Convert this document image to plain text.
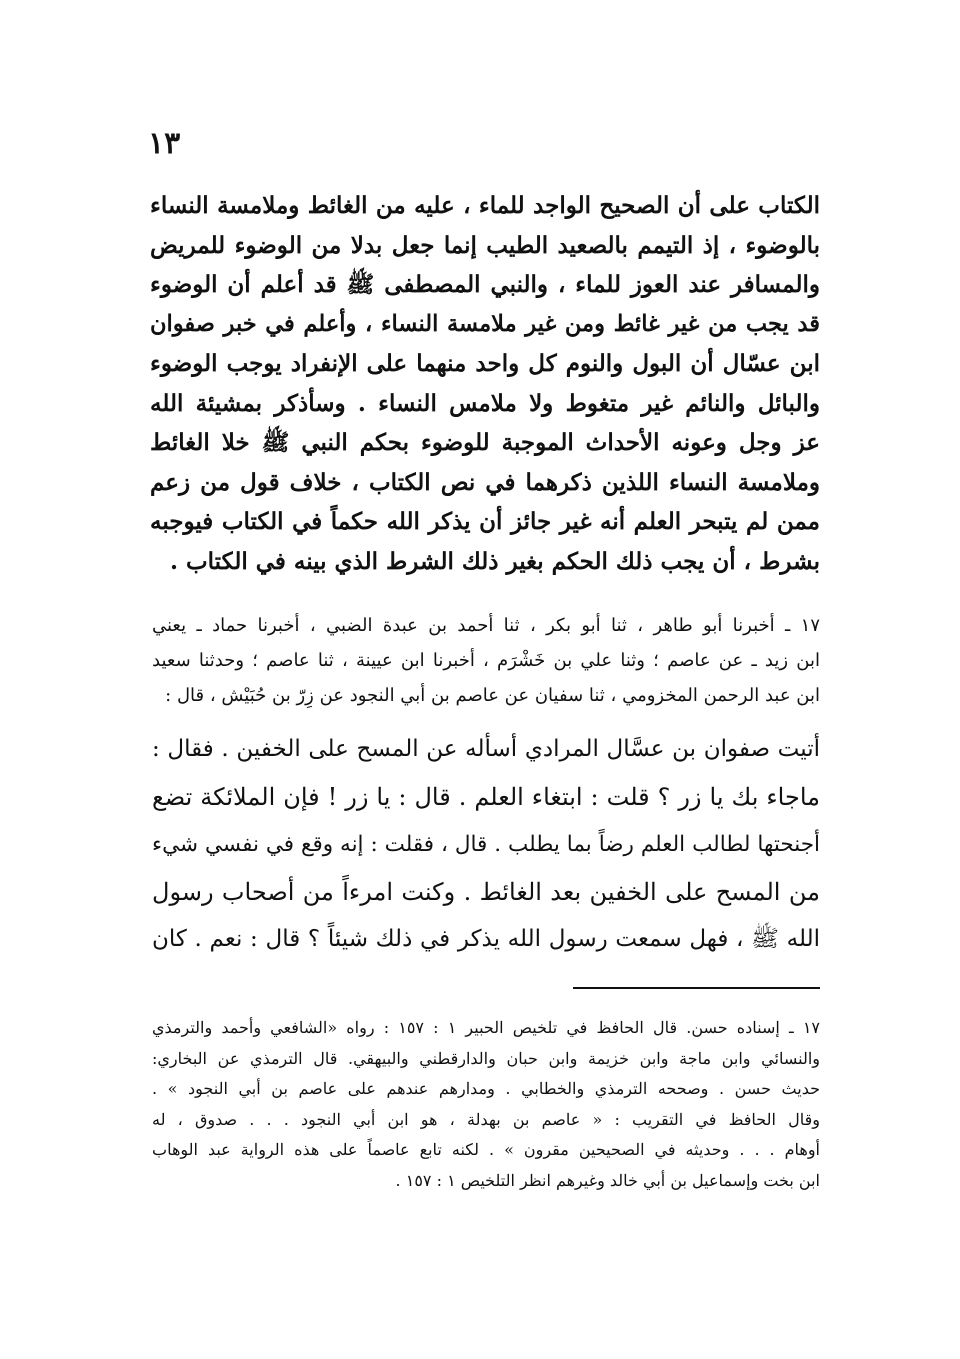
١٣
الكتاب على أن الصحيح الواجد للماء ، عليه من الغائط وملامسة النساء
بالوضوء ، إذ التيمم بالصعيد الطيب إنما جعل بدلا من الوضوء للمريض
والمسافر عند العوز للماء ، والنبي المصطفى ﷺ قد أعلم أن الوضوء
قد يجب من غير غائط ومن غير ملامسة النساء ، وأعلم في خبر صفوان
ابن عسّال أن البول والنوم كل واحد منهما على الإنفراد يوجب الوضوء
والبائل والنائم غير متغوط ولا ملامس النساء . وسأذكر بمشيئة الله
عز وجل وعونه الأحداث الموجبة للوضوء بحكم النبي ﷺ خلا الغائط
وملامسة النساء اللذين ذكرهما في نص الكتاب ، خلاف قول من زعم
ممن لم يتبحر العلم أنه غير جائز أن يذكر الله حكماً في الكتاب فيوجبه
بشرط ، أن يجب ذلك الحكم بغير ذلك الشرط الذي بينه في الكتاب .
١٧ ـ أخبرنا أبو طاهر ، ثنا أبو بكر ، ثنا أحمد بن عبدة الضبي ، أخبرنا حماد ـ يعني
ابن زيد ـ عن عاصم ؛ وثنا علي بن خَشْرَم ، أخبرنا ابن عيينة ، ثنا عاصم ؛ وحدثنا سعيد
ابن عبد الرحمن المخزومي ، ثنا سفيان عن عاصم بن أبي النجود عن زِرّ بن حُبَيْش ، قال :
أتيت صفوان بن عسَّال المرادي أسأله عن المسح على الخفين . فقال :
ماجاء بك يا زر ؟ قلت : ابتغاء العلم . قال : يا زر ! فإن الملائكة تضع
أجنحتها لطالب العلم رضاً بما يطلب . قال ، فقلت : إنه وقع في نفسي شيء
من المسح على الخفين بعد الغائط . وكنت امرءاً من أصحاب رسول
الله ﷺ ، فهل سمعت رسول الله يذكر في ذلك شيئاً ؟ قال : نعم . كان
١٧ ـ إسناده حسن. قال الحافظ في تلخيص الحبير ١ : ١٥٧ : رواه «الشافعي وأحمد والترمذي
والنسائي وابن ماجة وابن خزيمة وابن حبان والدارقطني والبيهقي. قال الترمذي عن البخاري:
حديث حسن . وصححه الترمذي والخطابي . ومدارهم عندهم على عاصم بن أبي النجود » .
وقال الحافظ في التقريب : « عاصم بن بهدلة ، هو ابن أبي النجود . . . صدوق ، له
أوهام . . . وحديثه في الصحيحين مقرون » . لكنه تابع عاصماً على هذه الرواية عبد الوهاب
ابن بخت وإسماعيل بن أبي خالد وغيرهم انظر التلخيص ١ : ١٥٧ .
